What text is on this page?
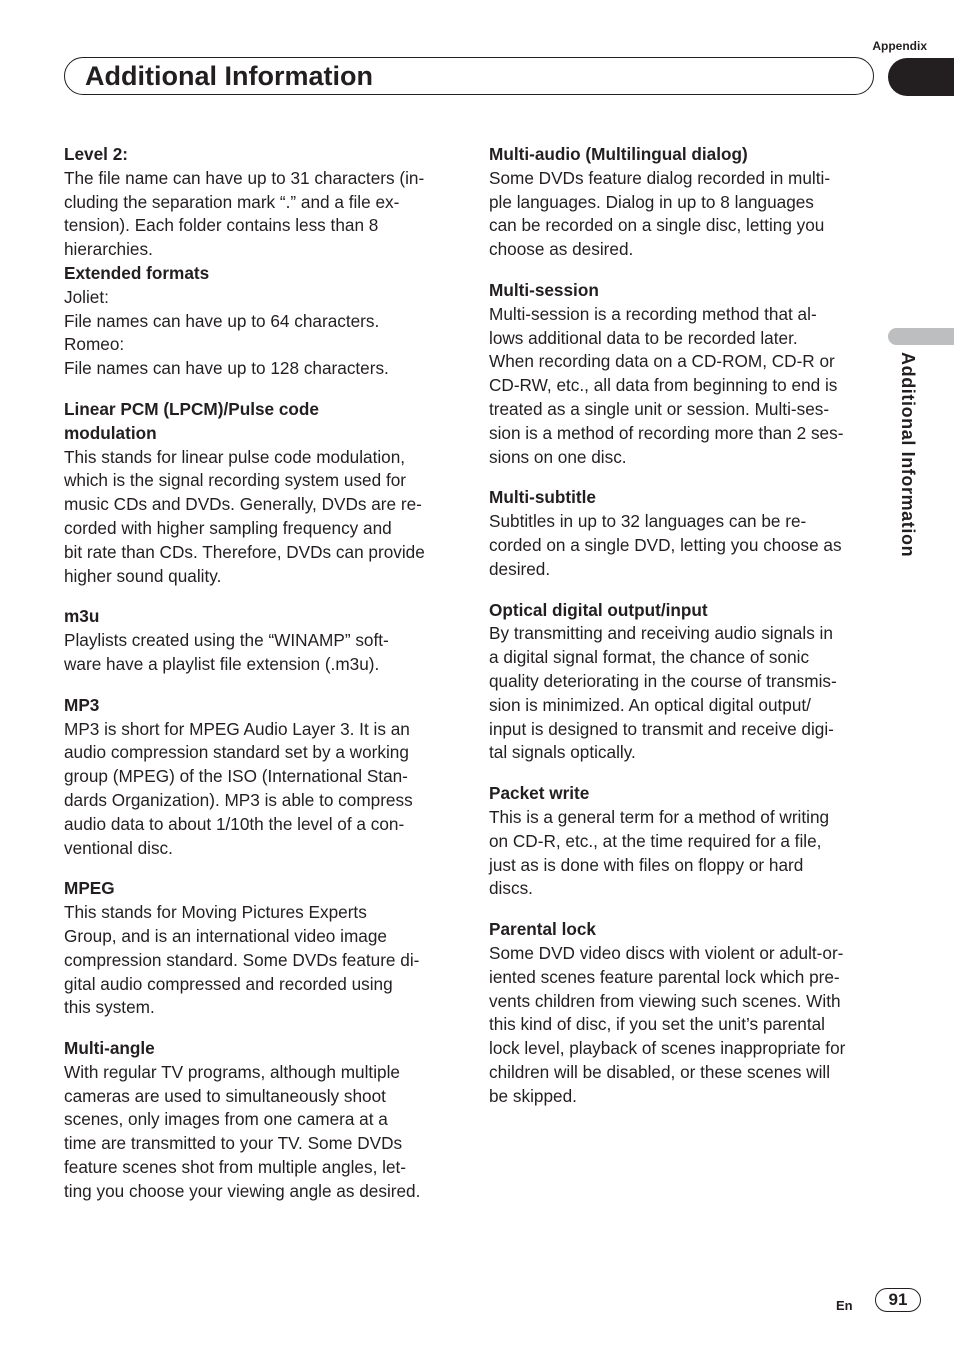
Appendix
Additional Information
Additional Information
Level 2:
The file name can have up to 31 characters (in-
cluding the separation mark “.” and a file ex-
tension). Each folder contains less than 8
hierarchies.
Extended formats
Joliet:
File names can have up to 64 characters.
Romeo:
File names can have up to 128 characters.
Linear PCM (LPCM)/Pulse code
modulation
This stands for linear pulse code modulation,
which is the signal recording system used for
music CDs and DVDs. Generally, DVDs are re-
corded with higher sampling frequency and
bit rate than CDs. Therefore, DVDs can provide
higher sound quality.
m3u
Playlists created using the “WINAMP” soft-
ware have a playlist file extension (.m3u).
MP3
MP3 is short for MPEG Audio Layer 3. It is an
audio compression standard set by a working
group (MPEG) of the ISO (International Stan-
dards Organization). MP3 is able to compress
audio data to about 1/10th the level of a con-
ventional disc.
MPEG
This stands for Moving Pictures Experts
Group, and is an international video image
compression standard. Some DVDs feature di-
gital audio compressed and recorded using
this system.
Multi-angle
With regular TV programs, although multiple
cameras are used to simultaneously shoot
scenes, only images from one camera at a
time are transmitted to your TV. Some DVDs
feature scenes shot from multiple angles, let-
ting you choose your viewing angle as desired.
Multi-audio (Multilingual dialog)
Some DVDs feature dialog recorded in multi-
ple languages. Dialog in up to 8 languages
can be recorded on a single disc, letting you
choose as desired.
Multi-session
Multi-session is a recording method that al-
lows additional data to be recorded later.
When recording data on a CD-ROM, CD-R or
CD-RW, etc., all data from beginning to end is
treated as a single unit or session. Multi-ses-
sion is a method of recording more than 2 ses-
sions on one disc.
Multi-subtitle
Subtitles in up to 32 languages can be re-
corded on a single DVD, letting you choose as
desired.
Optical digital output/input
By transmitting and receiving audio signals in
a digital signal format, the chance of sonic
quality deteriorating in the course of transmis-
sion is minimized. An optical digital output/
input is designed to transmit and receive digi-
tal signals optically.
Packet write
This is a general term for a method of writing
on CD-R, etc., at the time required for a file,
just as is done with files on floppy or hard
discs.
Parental lock
Some DVD video discs with violent or adult-or-
iented scenes feature parental lock which pre-
vents children from viewing such scenes. With
this kind of disc, if you set the unit’s parental
lock level, playback of scenes inappropriate for
children will be disabled, or these scenes will
be skipped.
En	91
